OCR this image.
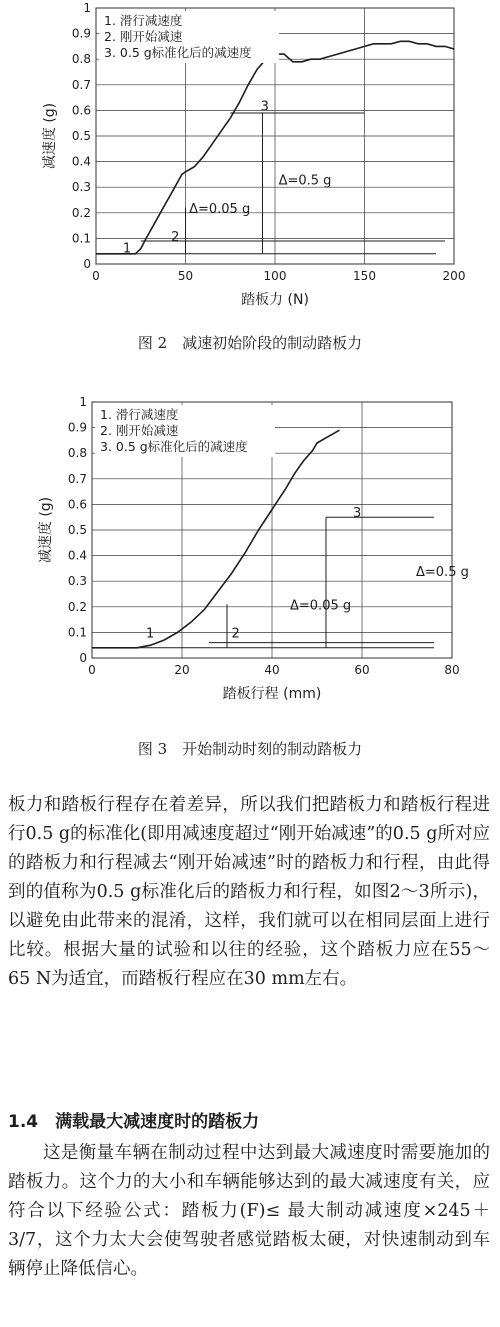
0
0.1
0.2
0.3
0.4
0.5
0.6
0.7
0.8
0.9
1
0	50	100	150	200
踏板力 (N)
减速度 (g)
1
2
3
Δ=0.05 g
Δ=0.5 g
1. 滑行减速度
2. 刚开始减速
3. 0.5 g标准化后的减速度
图 2　减速初始阶段的制动踏板力
0
0.1
0.2
0.3
0.4
0.5
0.6
0.7
0.8
0.9
1
0	20	40	60	80
踏板行程 (mm)
减速度 (g)
1	2
3
Δ=0.05 g
Δ=0.5 g
1. 滑行减速度
2. 刚开始减速
3. 0.5 g标准化后的减速度
图 3　开始制动时刻的制动踏板力
板力和踏板行程存在着差异，所以我们把踏板力和踏板行程进行0.5 g的标准化(即用减速度超过“刚开始减速”的0.5 g所对应的踏板力和行程减去“刚开始减速”时的踏板力和行程，由此得到的值称为0.5 g标准化后的踏板力和行程，如图2～3所示)，以避免由此带来的混淆，这样，我们就可以在相同层面上进行比较。根据大量的试验和以往的经验，这个踏板力应在55～65 N为适宜，而踏板行程应在30 mm左右。
1.4　满载最大减速度时的踏板力
这是衡量车辆在制动过程中达到最大减速度时需要施加的踏板力。这个力的大小和车辆能够达到的最大减速度有关，应符合以下经验公式：踏板力(F)≤ 最大制动减速度×245＋3/7，这个力太大会使驾驶者感觉踏板太硬，对快速制动到车辆停止降低信心。
